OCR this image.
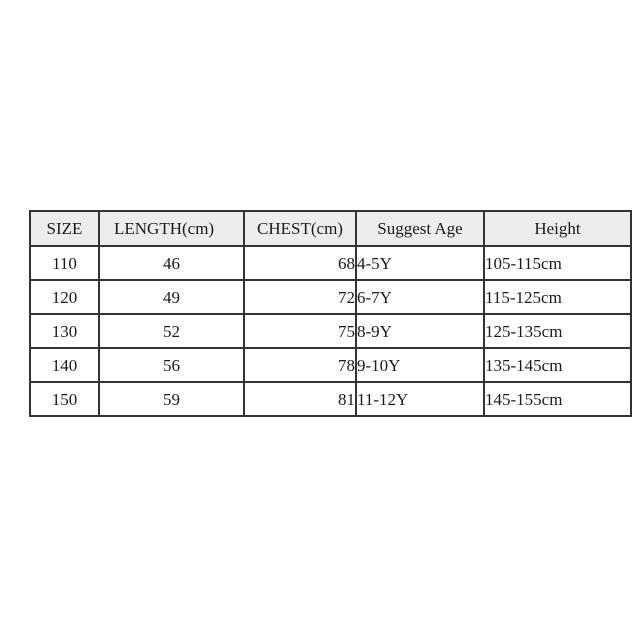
SIZE	LENGTH(cm)	CHEST(cm)	Suggest Age	Height
110	46	68	4-5Y	105-115cm
120	49	72	6-7Y	115-125cm
130	52	75	8-9Y	125-135cm
140	56	78	9-10Y	135-145cm
150	59	81	11-12Y	145-155cm
